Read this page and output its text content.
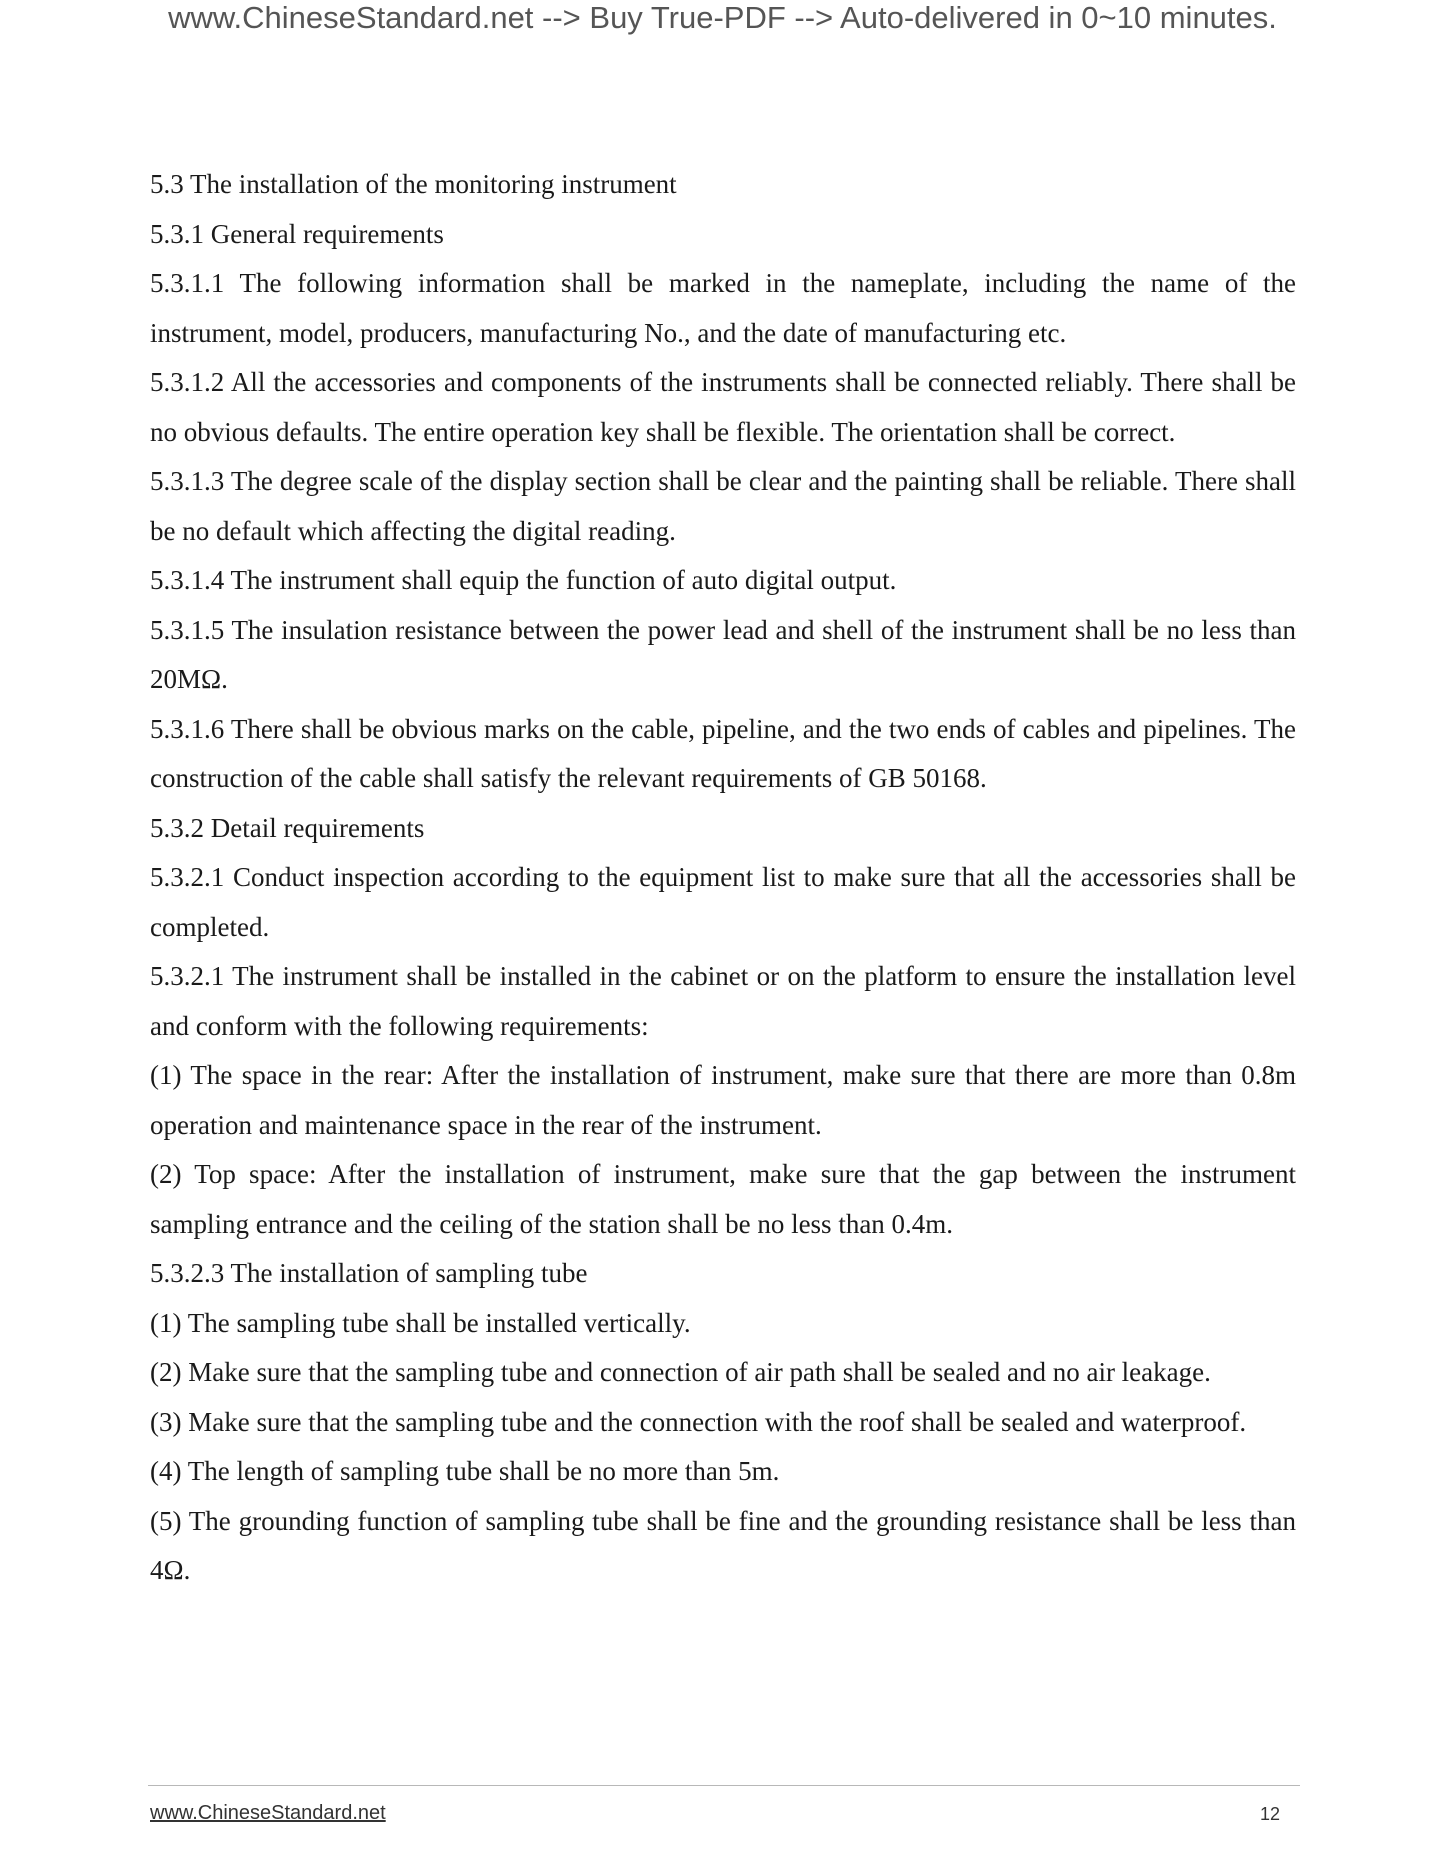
www.ChineseStandard.net --> Buy True-PDF --> Auto-delivered in 0~10 minutes.

5.3 The installation of the monitoring instrument

5.3.1 General requirements

5.3.1.1 The following information shall be marked in the nameplate, including the name of the instrument, model, producers, manufacturing No., and the date of manufacturing etc.

5.3.1.2 All the accessories and components of the instruments shall be connected reliably. There shall be no obvious defaults. The entire operation key shall be flexible. The orientation shall be correct.

5.3.1.3 The degree scale of the display section shall be clear and the painting shall be reliable. There shall be no default which affecting the digital reading.

5.3.1.4 The instrument shall equip the function of auto digital output.

5.3.1.5 The insulation resistance between the power lead and shell of the instrument shall be no less than 20MΩ.

5.3.1.6 There shall be obvious marks on the cable, pipeline, and the two ends of cables and pipelines. The construction of the cable shall satisfy the relevant requirements of GB 50168.

5.3.2 Detail requirements

5.3.2.1 Conduct inspection according to the equipment list to make sure that all the accessories shall be completed.

5.3.2.1 The instrument shall be installed in the cabinet or on the platform to ensure the installation level and conform with the following requirements:

(1) The space in the rear: After the installation of instrument, make sure that there are more than 0.8m operation and maintenance space in the rear of the instrument.

(2) Top space: After the installation of instrument, make sure that the gap between the instrument sampling entrance and the ceiling of the station shall be no less than 0.4m.

5.3.2.3 The installation of sampling tube

(1) The sampling tube shall be installed vertically.

(2) Make sure that the sampling tube and connection of air path shall be sealed and no air leakage.

(3) Make sure that the sampling tube and the connection with the roof shall be sealed and waterproof.

(4) The length of sampling tube shall be no more than 5m.

(5) The grounding function of sampling tube shall be fine and the grounding resistance shall be less than 4Ω.

www.ChineseStandard.net	12
